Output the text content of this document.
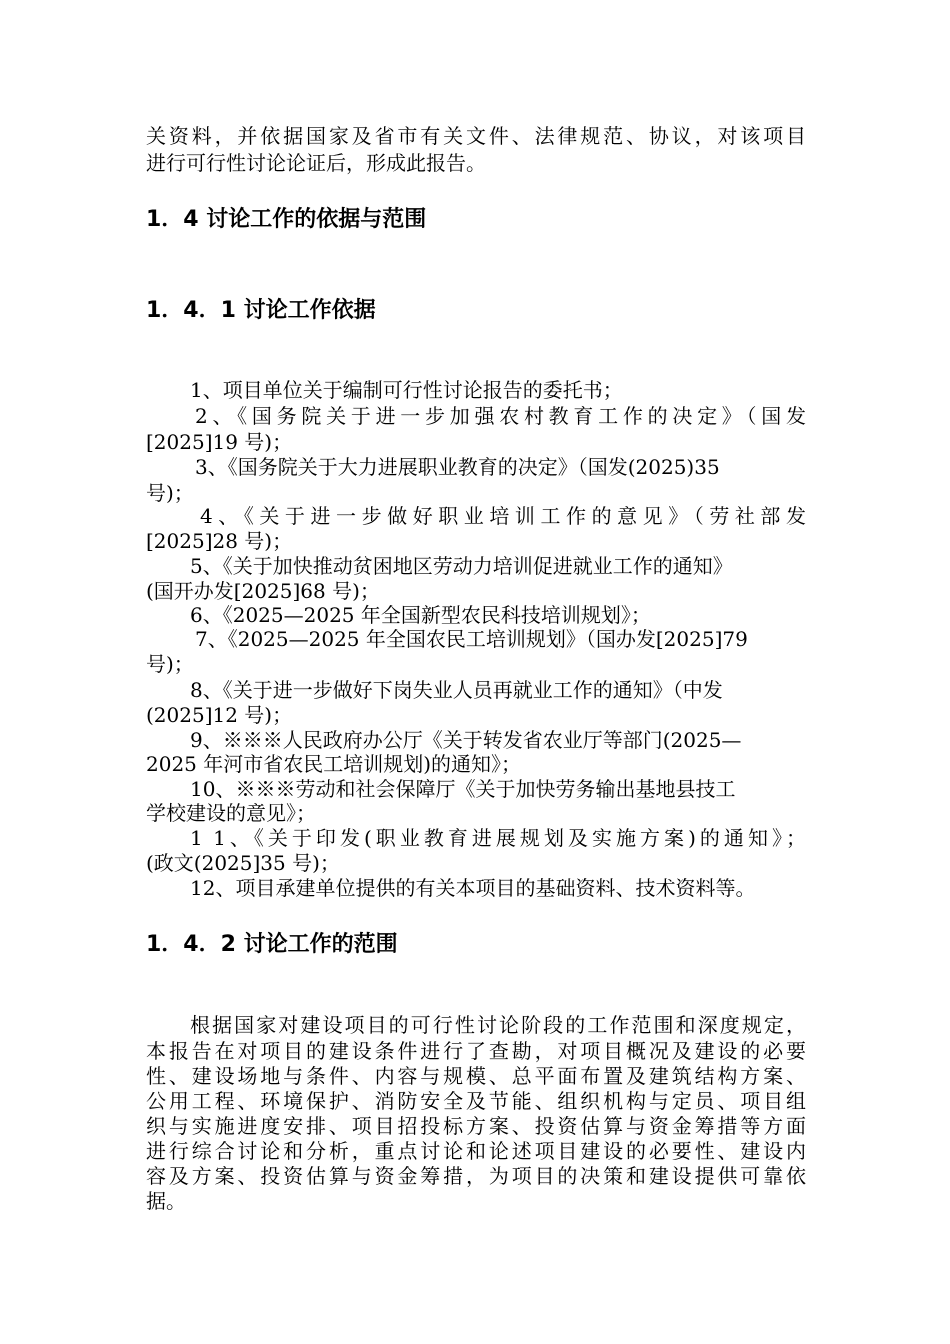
关资料，并依据国家及省市有关文件、法律规范、协议，对该项目
进行可行性讨论论证后，形成此报告。
1．4 讨论工作的依据与范围
1．4．1 讨论工作依据
1、项目单位关于编制可行性讨论报告的委托书；
2、《国务院关于进一步加强农村教育工作的决定》（国发
[2025]19 号)；
3、《国务院关于大力进展职业教育的决定》（国发(2025)35
号)；
4、《关于进一步做好职业培训工作的意见》（劳社部发
[2025]28 号)；
5、《关于加快推动贫困地区劳动力培训促进就业工作的通知》
(国开办发[2025]68 号)；
6、《2025—2025 年全国新型农民科技培训规划》；
7、《2025—2025 年全国农民工培训规划》（国办发[2025]79
号)；
8、《关于进一步做好下岗失业人员再就业工作的通知》（中发
(2025]12 号)；
9、※※※人民政府办公厅《关于转发省农业厅等部门(2025—
2025 年河市省农民工培训规划)的通知》；
10、※※※劳动和社会保障厅《关于加快劳务输出基地县技工
学校建设的意见》；
1 1、《关于印发(职业教育进展规划及实施方案)的通知》；
(政文(2025]35 号)；
12、项目承建单位提供的有关本项目的基础资料、技术资料等。
1．4．2 讨论工作的范围
根据国家对建设项目的可行性讨论阶段的工作范围和深度规定，
本报告在对项目的建设条件进行了查勘，对项目概况及建设的必要
性、建设场地与条件、内容与规模、总平面布置及建筑结构方案、
公用工程、环境保护、消防安全及节能、组织机构与定员、项目组
织与实施进度安排、项目招投标方案、投资估算与资金筹措等方面
进行综合讨论和分析，重点讨论和论述项目建设的必要性、建设内
容及方案、投资估算与资金筹措，为项目的决策和建设提供可靠依
据。
